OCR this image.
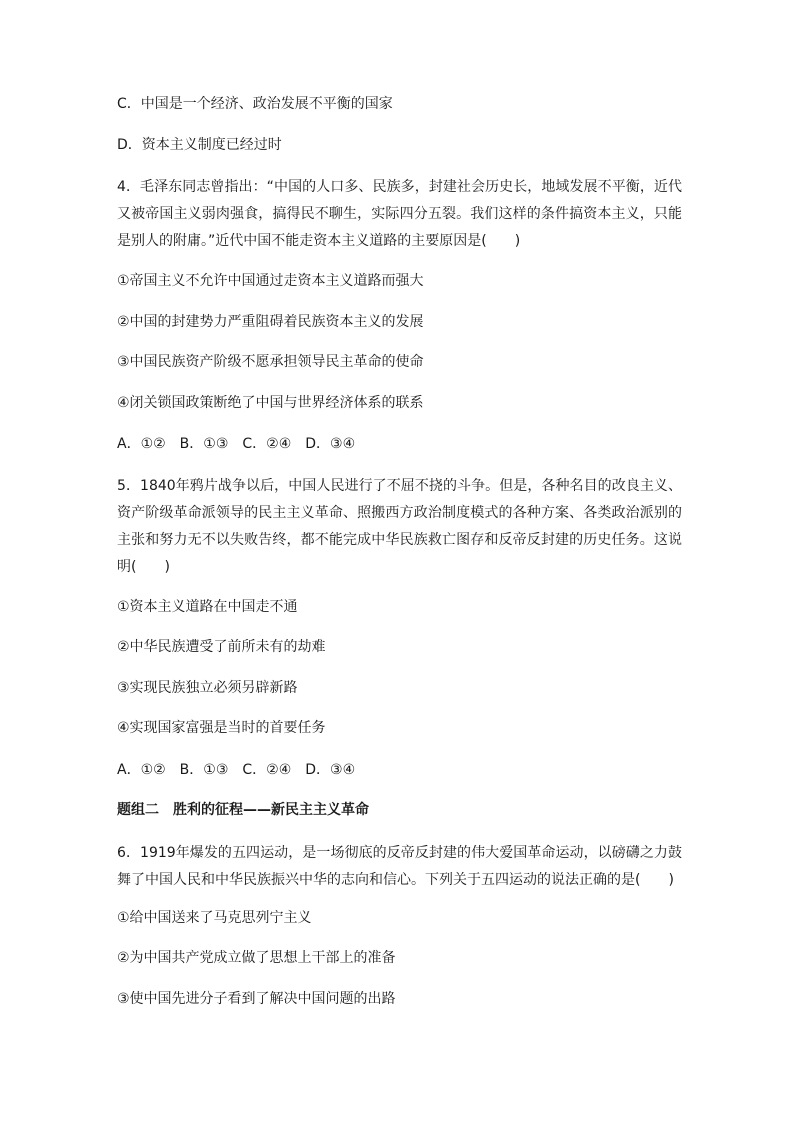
C．中国是一个经济、政治发展不平衡的国家
D．资本主义制度已经过时
4．毛泽东同志曾指出：“中国的人口多、民族多，封建社会历史长，地域发展不平衡，近代又被帝国主义弱肉强食，搞得民不聊生，实际四分五裂。我们这样的条件搞资本主义，只能是别人的附庸。”近代中国不能走资本主义道路的主要原因是(　　)
①帝国主义不允许中国通过走资本主义道路而强大
②中国的封建势力严重阻碍着民族资本主义的发展
③中国民族资产阶级不愿承担领导民主革命的使命
④闭关锁国政策断绝了中国与世界经济体系的联系
A．①②　B．①③　C．②④　D．③④
5．1840年鸦片战争以后，中国人民进行了不屈不挠的斗争。但是，各种名目的改良主义、资产阶级革命派领导的民主主义革命、照搬西方政治制度模式的各种方案、各类政治派别的主张和努力无不以失败告终，都不能完成中华民族救亡图存和反帝反封建的历史任务。这说明(　　)
①资本主义道路在中国走不通
②中华民族遭受了前所未有的劫难
③实现民族独立必须另辟新路
④实现国家富强是当时的首要任务
A．①②　B．①③　C．②④　D．③④
题组二　胜利的征程——新民主主义革命
6．1919年爆发的五四运动，是一场彻底的反帝反封建的伟大爱国革命运动，以磅礴之力鼓舞了中国人民和中华民族振兴中华的志向和信心。下列关于五四运动的说法正确的是(　　)
①给中国送来了马克思列宁主义
②为中国共产党成立做了思想上干部上的准备
③使中国先进分子看到了解决中国问题的出路
